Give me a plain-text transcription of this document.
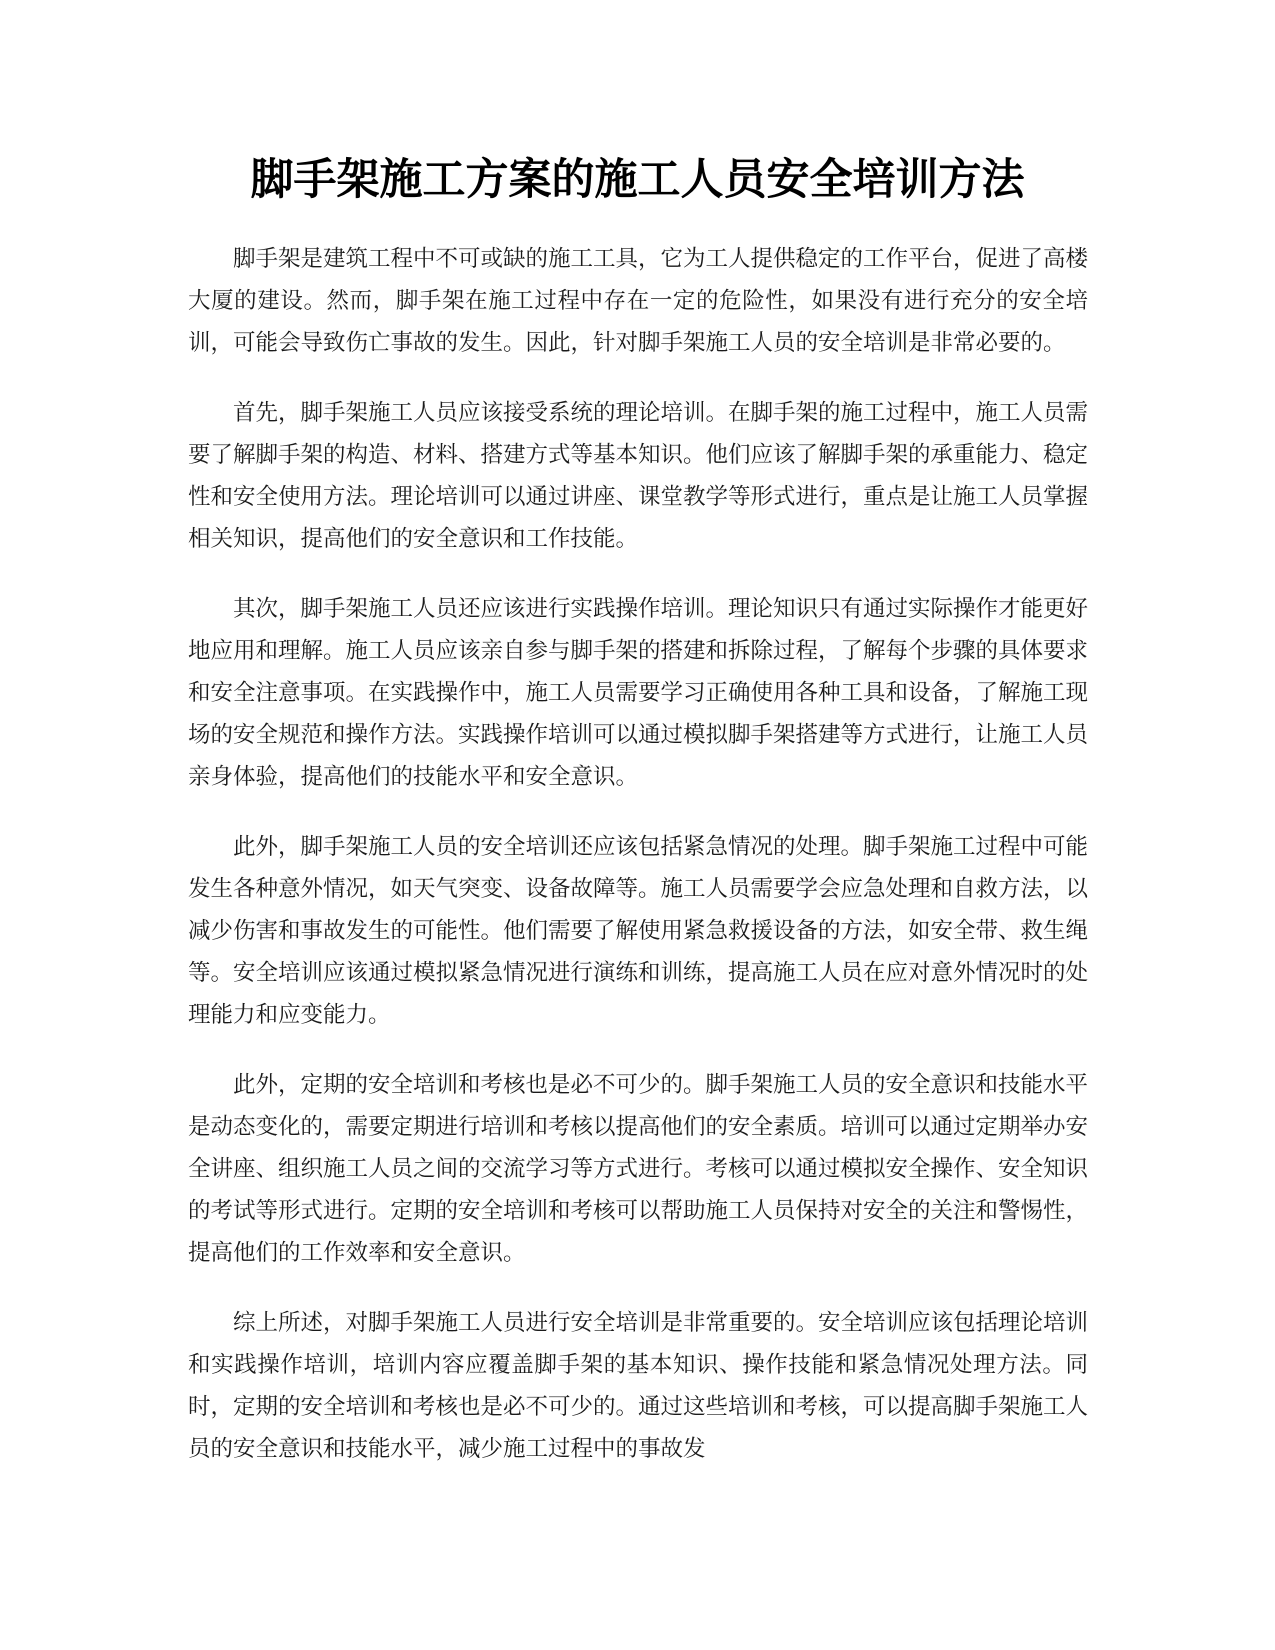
脚手架施工方案的施工人员安全培训方法

脚手架是建筑工程中不可或缺的施工工具，它为工人提供稳定的工作平台，促进了高楼大厦的建设。然而，脚手架在施工过程中存在一定的危险性，如果没有进行充分的安全培训，可能会导致伤亡事故的发生。因此，针对脚手架施工人员的安全培训是非常必要的。

首先，脚手架施工人员应该接受系统的理论培训。在脚手架的施工过程中，施工人员需要了解脚手架的构造、材料、搭建方式等基本知识。他们应该了解脚手架的承重能力、稳定性和安全使用方法。理论培训可以通过讲座、课堂教学等形式进行，重点是让施工人员掌握相关知识，提高他们的安全意识和工作技能。

其次，脚手架施工人员还应该进行实践操作培训。理论知识只有通过实际操作才能更好地应用和理解。施工人员应该亲自参与脚手架的搭建和拆除过程，了解每个步骤的具体要求和安全注意事项。在实践操作中，施工人员需要学习正确使用各种工具和设备，了解施工现场的安全规范和操作方法。实践操作培训可以通过模拟脚手架搭建等方式进行，让施工人员亲身体验，提高他们的技能水平和安全意识。

此外，脚手架施工人员的安全培训还应该包括紧急情况的处理。脚手架施工过程中可能发生各种意外情况，如天气突变、设备故障等。施工人员需要学会应急处理和自救方法，以减少伤害和事故发生的可能性。他们需要了解使用紧急救援设备的方法，如安全带、救生绳等。安全培训应该通过模拟紧急情况进行演练和训练，提高施工人员在应对意外情况时的处理能力和应变能力。

此外，定期的安全培训和考核也是必不可少的。脚手架施工人员的安全意识和技能水平是动态变化的，需要定期进行培训和考核以提高他们的安全素质。培训可以通过定期举办安全讲座、组织施工人员之间的交流学习等方式进行。考核可以通过模拟安全操作、安全知识的考试等形式进行。定期的安全培训和考核可以帮助施工人员保持对安全的关注和警惕性，提高他们的工作效率和安全意识。

综上所述，对脚手架施工人员进行安全培训是非常重要的。安全培训应该包括理论培训和实践操作培训，培训内容应覆盖脚手架的基本知识、操作技能和紧急情况处理方法。同时，定期的安全培训和考核也是必不可少的。通过这些培训和考核，可以提高脚手架施工人员的安全意识和技能水平，减少施工过程中的事故发
